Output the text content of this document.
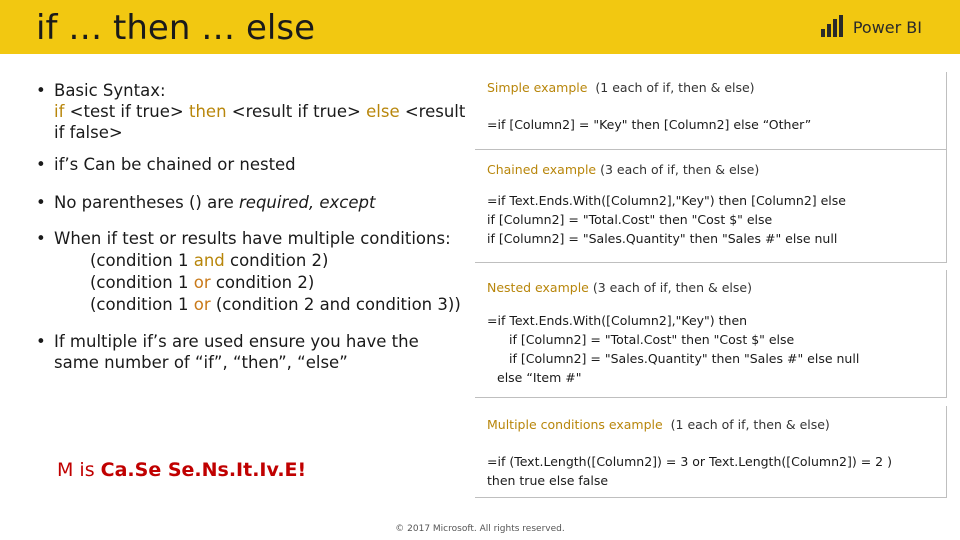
if … then … else	Power BI
• Basic Syntax:
if <test if true> then <result if true> else <result if false>
• if’s Can be chained or nested
• No parentheses () are required, except
• When if test or results have multiple conditions:
(condition 1 and condition 2)
(condition 1 or condition 2)
(condition 1 or (condition 2 and condition 3))
• If multiple if’s are used ensure you have the same number of “if”, “then”, “else”
M is Ca.Se Se.Ns.It.Iv.E!
Simple example (1 each of if, then & else)
=if [Column2] = "Key" then [Column2] else “Other”
Chained example (3 each of if, then & else)
=if Text.Ends.With([Column2],"Key") then [Column2] else
if [Column2] = "Total.Cost" then "Cost $" else
if [Column2] = "Sales.Quantity" then "Sales #" else null
Nested example (3 each of if, then & else)
=if Text.Ends.With([Column2],"Key") then
if [Column2] = "Total.Cost" then "Cost $" else
if [Column2] = "Sales.Quantity" then "Sales #" else null
else “Item #"
Multiple conditions example (1 each of if, then & else)
=if (Text.Length([Column2]) = 3 or Text.Length([Column2]) = 2 )
then true else false
© 2017 Microsoft. All rights reserved.
